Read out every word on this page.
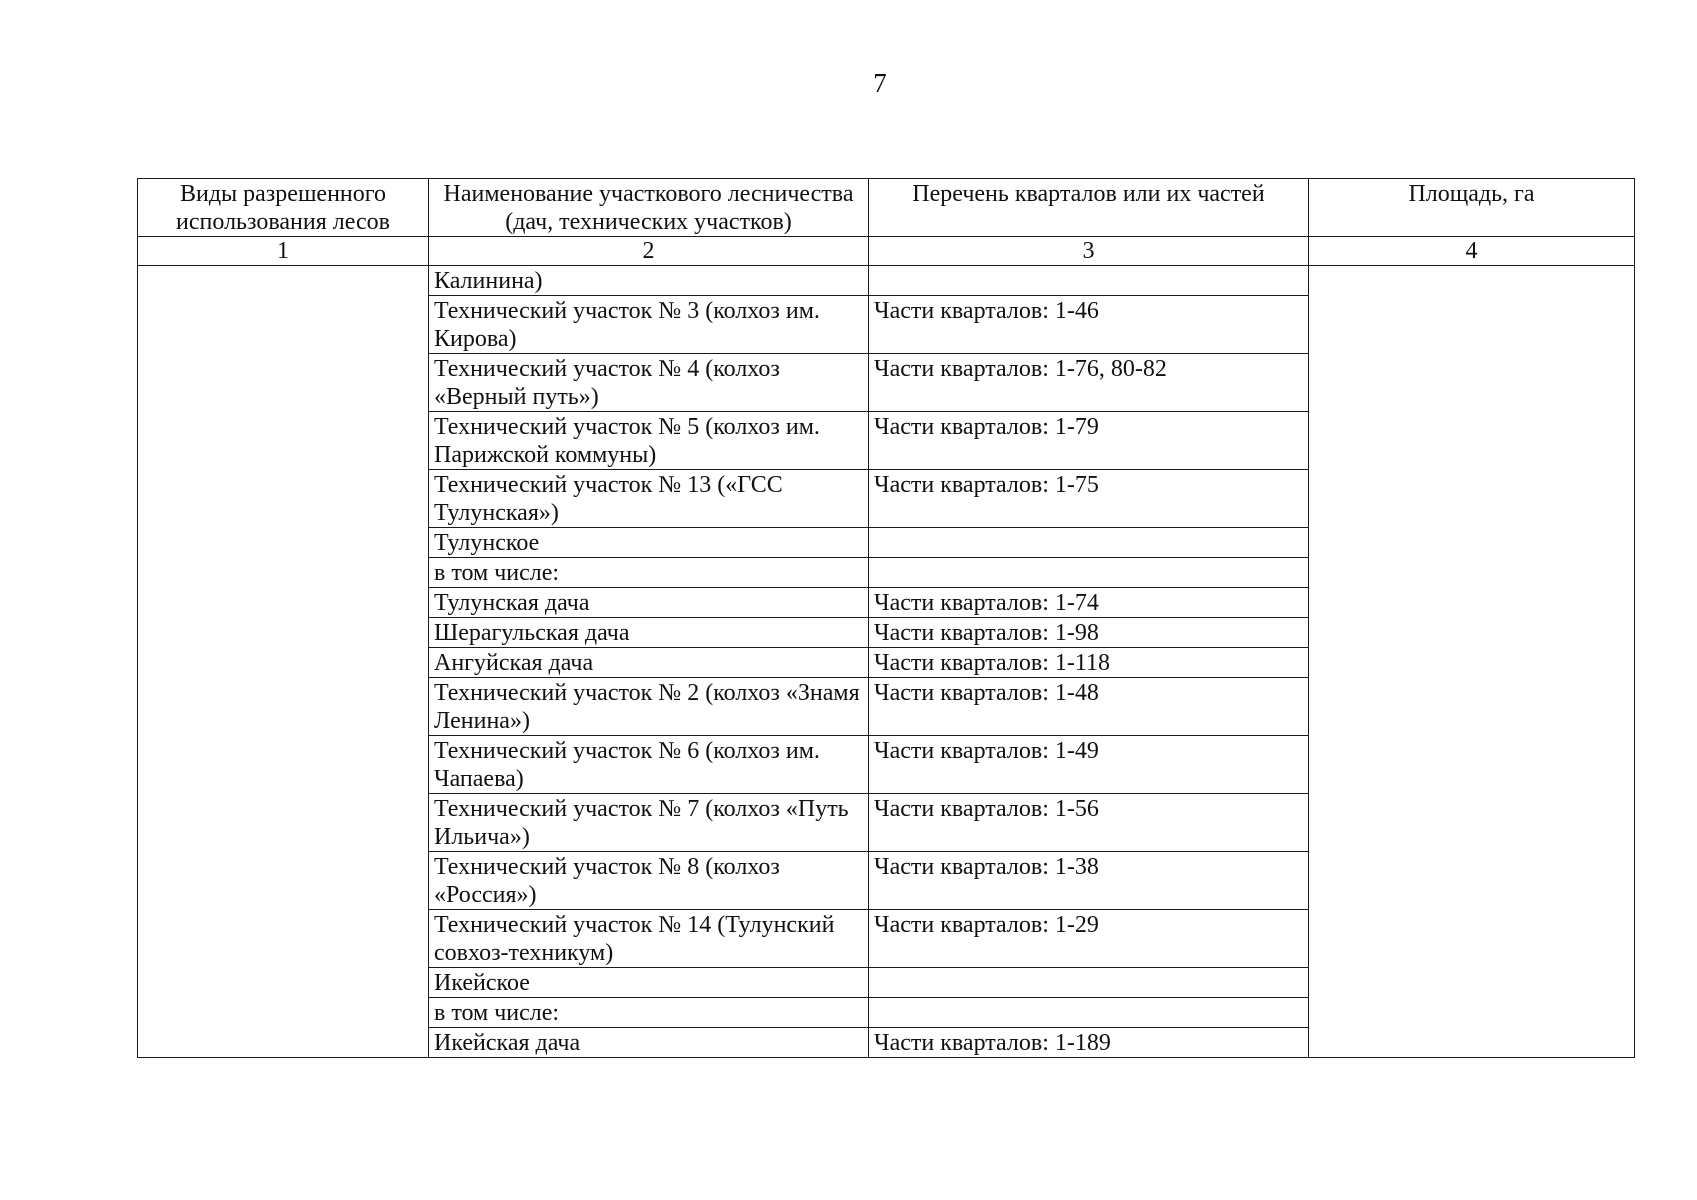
7
Виды разрешенного использования лесов	Наименование участкового лесничества (дач, технических участков)	Перечень кварталов или их частей	Площадь, га
1	2	3	4
	Калинина)		
	Технический участок № 3 (колхоз им. Кирова)	Части кварталов: 1-46	
	Технический участок № 4 (колхоз «Верный путь»)	Части кварталов: 1-76, 80-82	
	Технический участок № 5 (колхоз им. Парижской коммуны)	Части кварталов: 1-79	
	Технический участок № 13 («ГСС Тулунская»)	Части кварталов: 1-75	
	Тулунское		
	в том числе:		
	Тулунская дача	Части кварталов: 1-74	
	Шерагульская дача	Части кварталов: 1-98	
	Ангуйская дача	Части кварталов: 1-118	
	Технический участок № 2 (колхоз «Знамя Ленина»)	Части кварталов: 1-48	
	Технический участок № 6 (колхоз им. Чапаева)	Части кварталов: 1-49	
	Технический участок № 7 (колхоз «Путь Ильича»)	Части кварталов: 1-56	
	Технический участок № 8 (колхоз «Россия»)	Части кварталов: 1-38	
	Технический участок № 14 (Тулунский совхоз-техникум)	Части кварталов: 1-29	
	Икейское		
	в том числе:		
	Икейская дача	Части кварталов: 1-189	
